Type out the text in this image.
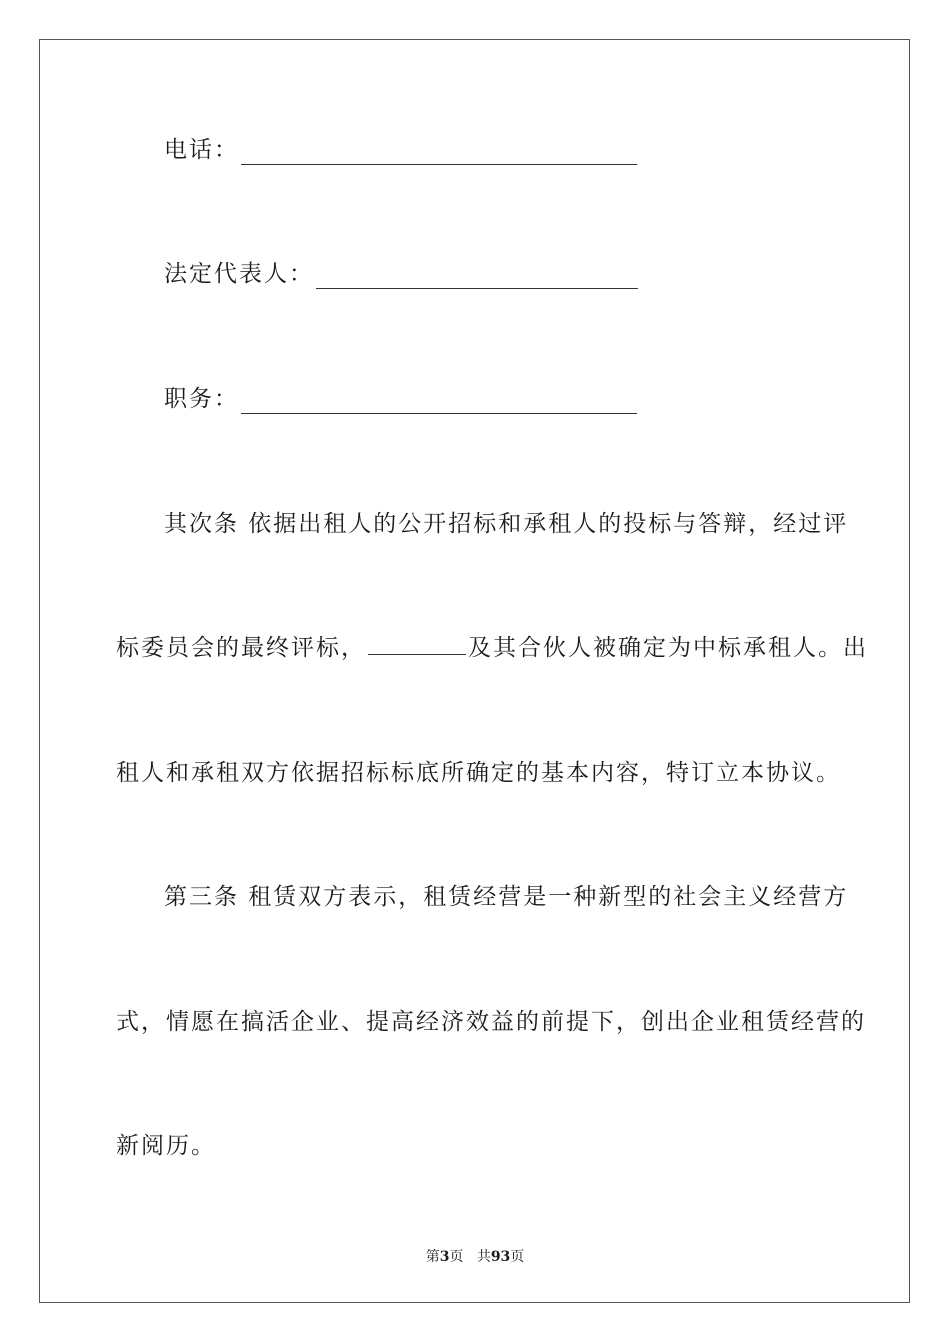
电话：
法定代表人：
职务：
其次条 依据出租人的公开招标和承租人的投标与答辩，经过评
标委员会的最终评标，	及其合伙人被确定为中标承租人。出
租人和承租双方依据招标标底所确定的基本内容，特订立本协议。
第三条 租赁双方表示，租赁经营是一种新型的社会主义经营方
式，情愿在搞活企业、提高经济效益的前提下，创出企业租赁经营的
新阅历。
第3页 共93页
